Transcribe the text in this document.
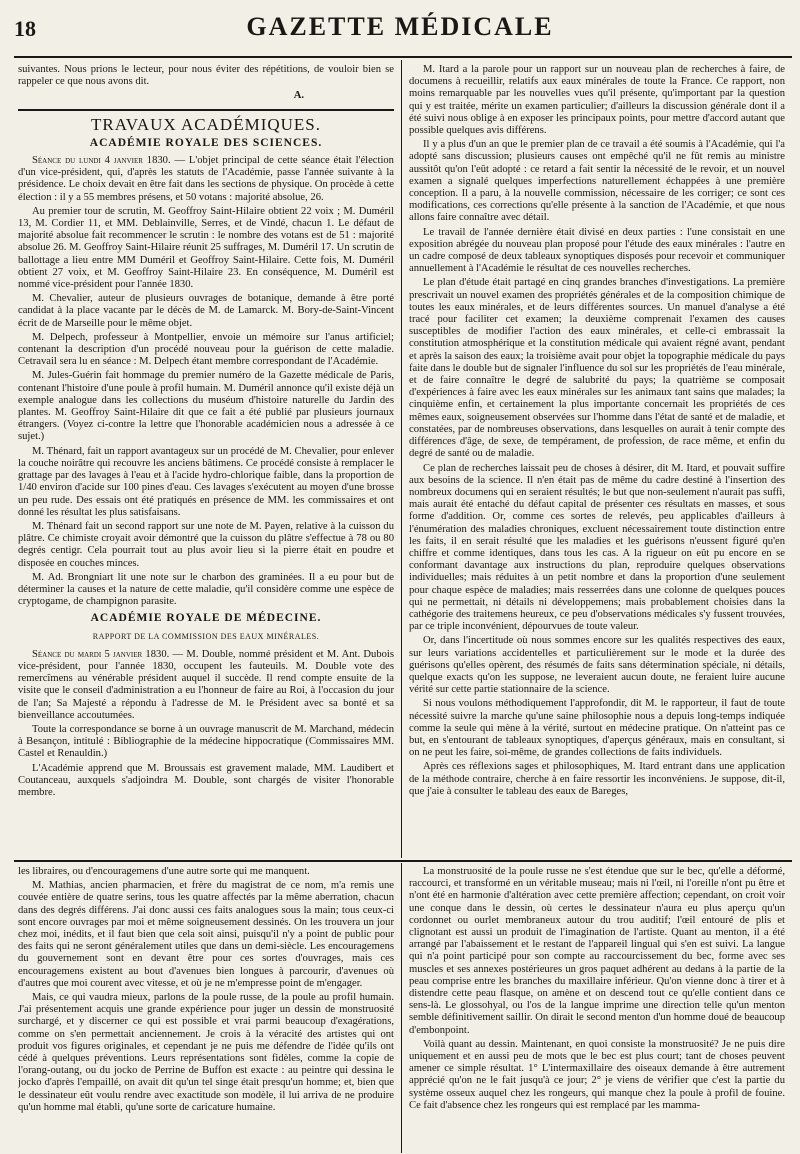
18	GAZETTE MÉDICALE

suivantes. Nous prions le lecteur, pour nous éviter des répétitions, de vouloir bien se rappeler ce que nous avons dit.

A.
TRAVAUX ACADÉMIQUES.
ACADÉMIE ROYALE DES SCIENCES.

Séance du lundi 4 janvier 1830. — L'objet principal de cette séance était l'élection d'un vice-président, qui, d'après les statuts de l'Académie, passe l'année suivante à la présidence. Le choix devait en être fait dans les sections de physique. On procède à cette élection : il y a 55 membres présens, et 50 votans : majorité absolue, 26.

Au premier tour de scrutin, M. Geoffroy Saint-Hilaire obtient 22 voix ; M. Duméril 13, M. Cordier 11, et MM. Deblainville, Serres, et de Vindé, chacun 1. Le défaut de majorité absolue fait recommencer le scrutin : le nombre des votans est de 51 : majorité absolue 26. M. Geoffroy Saint-Hilaire réunit 25 suffrages, M. Duméril 17. Un scrutin de ballottage a lieu entre MM Duméril et Geoffroy Saint-Hilaire. Cette fois, M. Duméril obtient 27 voix, et M. Geoffroy Saint-Hilaire 23. En conséquence, M. Duméril est nommé vice-président pour l'année 1830.

M. Chevalier, auteur de plusieurs ouvrages de botanique, demande à être porté candidat à la place vacante par le décès de M. de Lamarck. M. Bory-de-Saint-Vincent écrit de de Marseille pour le même objet.

M. Delpech, professeur à Montpellier, envoie un mémoire sur l'anus artificiel; contenant la description d'un procédé nouveau pour la guérison de cette maladie. Cetravail sera lu en séance : M. Delpech étant membre correspondant de l'Académie.

M. Jules-Guérin fait hommage du premier numéro de la Gazette médicale de Paris, contenant l'histoire d'une poule à profil humain. M. Duméril annonce qu'il existe déjà un exemple analogue dans les collections du muséum d'histoire naturelle du Jardin des plantes. M. Geoffroy Saint-Hilaire dit que ce fait a été publié par plusieurs journaux étrangers. (Voyez ci-contre la lettre que l'honorable académicien nous a adressée à ce sujet.)

M. Thénard, fait un rapport avantageux sur un procédé de M. Chevalier, pour enlever la couche noirâtre qui recouvre les anciens bâtimens. Ce procédé consiste à remplacer le grattage par des lavages à l'eau et à l'acide hydro-chlorique faible, dans la proportion de 1/40 environ d'acide sur 100 pines d'eau. Ces lavages s'exécutent au moyen d'une brosse un peu rude. Des essais ont été pratiqués en présence de MM. les commissaires et ont donné les résultat les plus satisfaisans.

M. Thénard fait un second rapport sur une note de M. Payen, relative à la cuisson du plâtre. Ce chimiste croyait avoir démontré que la cuisson du plâtre s'effectue à 78 ou 80 degrés centigr. Cela pourrait tout au plus avoir lieu si la pierre était en poudre et disposée en couches minces.

M. Ad. Brongniart lit une note sur le charbon des graminées. Il a eu pour but de déterminer la causes et la nature de cette maladie, qu'il considère comme une espèce de cryptogame, de champignon parasite.

ACADÉMIE ROYALE DE MÉDECINE.
RAPPORT DE LA COMMISSION DES EAUX MINÉRALES.

Séance du mardi 5 janvier 1830. — M. Double, nommé président et M. Ant. Dubois vice-président, pour l'année 1830, occupent les fauteuils. M. Double vote des remercîmens au vénérable président auquel il succède. Il rend compte ensuite de la visite que le conseil d'administration a eu l'honneur de faire au Roi, à l'occasion du jour de l'an; Sa Majesté a répondu à l'adresse de M. le Président avec sa bonté et sa bienveillance accoutumées.

Toute la correspondance se borne à un ouvrage manuscrit de M. Marchand, médecin à Besançon, intitulé : Bibliographie de la médecine hippocratique (Commissaires MM. Castel et Renauldin.)

L'Académie apprend que M. Broussais est gravement malade, MM. Laudibert et Coutanceau, auxquels s'adjoindra M. Double, sont chargés de visiter l'honorable membre.

M. Itard a la parole pour un rapport sur un nouveau plan de recherches à faire, de documens à recueillir, relatifs aux eaux minérales de toute la France. Ce rapport, non moins remarquable par les nouvelles vues qu'il présente, qu'important par la question qui y est traitée, mérite un examen particulier; d'ailleurs la discussion générale dont il a été suivi nous oblige à en exposer les principaux points, pour mettre d'accord autant que possible quelques avis différens.

Il y a plus d'un an que le premier plan de ce travail a été soumis à l'Académie, qui l'a adopté sans discussion; plusieurs causes ont empêché qu'il ne fût remis au ministre aussitôt qu'on l'eût adopté : ce retard a fait sentir la nécessité de le revoir, et un nouvel examen a signalé quelques imperfections naturellement échappées à une première conception. Il a paru, à la nouvelle commission, nécessaire de les corriger; ce sont ces modifications, ces corrections qu'elle présente à la sanction de l'Académie, et que nous allons faire connaître avec détail.

Le travail de l'année dernière était divisé en deux parties : l'une consistait en une exposition abrégée du nouveau plan proposé pour l'étude des eaux minérales : l'autre en un cadre composé de deux tableaux synoptiques disposés pour recevoir et communiquer annuellement à l'Académie le résultat de ces nouvelles recherches.

Le plan d'étude était partagé en cinq grandes branches d'investigations. La première prescrivait un nouvel examen des propriétés générales et de la composition chimique de toutes les eaux minérales, et de leurs différentes sources. Un manuel d'analyse a été tracé pour faciliter cet examen; la deuxième comprenait l'examen des causes susceptibles de modifier l'action des eaux minérales, et celle-ci embrassait la constitution atmosphérique et la constitution médicale qui avaient régné avant, pendant et après la saison des eaux; la troisième avait pour objet la topographie médicale du pays faite dans le double but de signaler l'influence du sol sur les propriétés de l'eau minérale, et de faire connaître le degré de salubrité du pays; la quatrième se composait d'expériences à faire avec les eaux minérales sur les animaux tant sains que malades; la cinquième enfin, et certainement la plus importante concernait les propriétés de ces mêmes eaux, soigneusement observées sur l'homme dans l'état de santé et de maladie, et constatées, par de nombreuses observations, dans lesquelles on aurait à tenir compte des différences d'âge, de sexe, de tempérament, de profession, de race même, et enfin du degré de santé ou de maladie.

Ce plan de recherches laissait peu de choses à désirer, dit M. Itard, et pouvait suffire aux besoins de la science. Il n'en était pas de même du cadre destiné à l'insertion des nombreux documens qui en seraient résultés; le but que non-seulement n'aurait pas suffi, mais aurait été entaché du défaut capital de présenter ces résultats en masses, et sous forme d'addition. Or, comme ces sortes de relevés, peu applicables d'ailleurs à l'énumération des maladies chroniques, excluent nécessairement toute distinction entre les faits, il en serait résulté que les maladies et les guérisons n'eussent figuré qu'en chiffre et comme identiques, dans tous les cas. A la rigueur on eût pu encore en se conformant davantage aux instructions du plan, reproduire quelques observations individuelles; mais réduites à un petit nombre et dans la proportion d'une seulement pour chaque espèce de maladies; mais resserrées dans une colonne de quelques pouces qui ne permettait, ni détails ni développemens; mais probablement choisies dans la cathégorie des traitemens heureux, ce peu d'observations médicales s'y fussent trouvées, par ce triple inconvénient, dépourvues de toute valeur.

Or, dans l'incertitude où nous sommes encore sur les qualités respectives des eaux, sur leurs variations accidentelles et particulièrement sur le mode et la durée des guérisons qu'elles opèrent, des résumés de faits sans détermination spéciale, ni détails, quelque exacts qu'on les suppose, ne leveraient aucun doute, ne feraient luire aucune vérité sur cette partie stationnaire de la science.

Si nous voulons méthodiquement l'approfondir, dit M. le rapporteur, il faut de toute nécessité suivre la marche qu'une saine philosophie nous a depuis long-temps indiquée comme la seule qui mène à la vérité, surtout en médecine pratique. On n'atteint pas ce but, en s'entourant de tableaux synoptiques, d'aperçus généraux, mais en consultant, si on ne peut les faire, soi-même, de grandes collections de faits individuels.

Après ces réflexions sages et philosophiques, M. Itard entrant dans une application de la méthode contraire, cherche à en faire ressortir les inconvéniens. Je suppose, dit-il, que j'aie à consulter le tableau des eaux de Bareges,

les libraires, ou d'encouragemens d'une autre sorte qui me manquent.

M. Mathias, ancien pharmacien, et frère du magistrat de ce nom, m'a remis une couvée entière de quatre serins, tous les quatre affectés par la même aberration, chacun dans des degrés différens. J'ai donc aussi ces faits analogues sous la main; tous ceux-ci sont encore ouvrages par moi et même soigneusement dessinés. On les trouvera un jour chez moi, inédits, et il faut bien que cela soit ainsi, puisqu'il n'y a point de public pour des faits qui ne seront généralement utiles que dans un demi-siècle. Les encouragemens du gouvernement sont en devant être pour ces sortes d'ouvrages, mais ces encouragemens existent au bout d'avenues bien longues à parcourir, d'avenues où d'autres que moi courent avec vitesse, et où je ne m'empresse point de m'engager.

Mais, ce qui vaudra mieux, parlons de la poule russe, de la poule au profil humain. J'ai présentement acquis une grande expérience pour juger un dessin de monstruosité surchargé, et y discerner ce qui est possible et vrai parmi beaucoup d'exagérations, comme on s'en permettait anciennement. Je crois à la véracité des artistes qui ont produit vos figures originales, et cependant je ne puis me défendre de l'idée qu'ils ont cédé à quelques préventions. Leurs représentations sont fidèles, comme la copie de l'orang-outang, ou du jocko de Perrine de Buffon est exacte : au peintre qui dessina le jocko d'après l'empaillé, on avait dit qu'un tel singe était presqu'un homme; et, bien que le dessinateur eût voulu rendre avec exactitude son modèle, il lui arriva de ne produire qu'un homme mal établi, qu'une sorte de caricature humaine.

La monstruosité de la poule russe ne s'est étendue que sur le bec, qu'elle a déformé, raccourci, et transformé en un véritable museau; mais ni l'œil, ni l'oreille n'ont pu être et n'ont été en harmonie d'altération avec cette première affection; cependant, on croit voir une conque dans le dessin, où certes le dessinateur n'aura eu plus aperçu qu'un cordonnet ou ourlet membraneux autour du trou auditif; l'œil entouré de plis et clignotant est aussi un produit de l'imagination de l'artiste. Quant au menton, il a été arrangé par l'abaissement et le restant de l'appareil lingual qui s'en est suivi. La langue qui n'a point participé pour son compte au raccourcissement du bec, forme avec ses muscles et ses annexes postérieures un gros paquet adhérent au dedans à la partie de la peau comprise entre les branches du maxillaire inférieur. Qu'on vienne donc à tirer et à distendre cette peau flasque, on amène et on descend tout ce qu'elle contient dans ce sens-là. Le glossohyal, ou l'os de la langue imprime une direction telle qu'un menton semble définitivement saillir. On dirait le second menton d'un homme doué de beaucoup d'embonpoint.

Voilà quant au dessin. Maintenant, en quoi consiste la monstruosité? Je ne puis dire uniquement et en aussi peu de mots que le bec est plus court; tant de choses peuvent amener ce simple résultat. 1° L'intermaxillaire des oiseaux demande à être autrement apprécié qu'on ne le fait jusqu'à ce jour; 2° je viens de vérifier que c'est la partie du système osseux auquel chez les rongeurs, qui manque chez la poule à profil de fouine. Ce fait d'absence chez les rongeurs qui est remplacé par les mamma-
